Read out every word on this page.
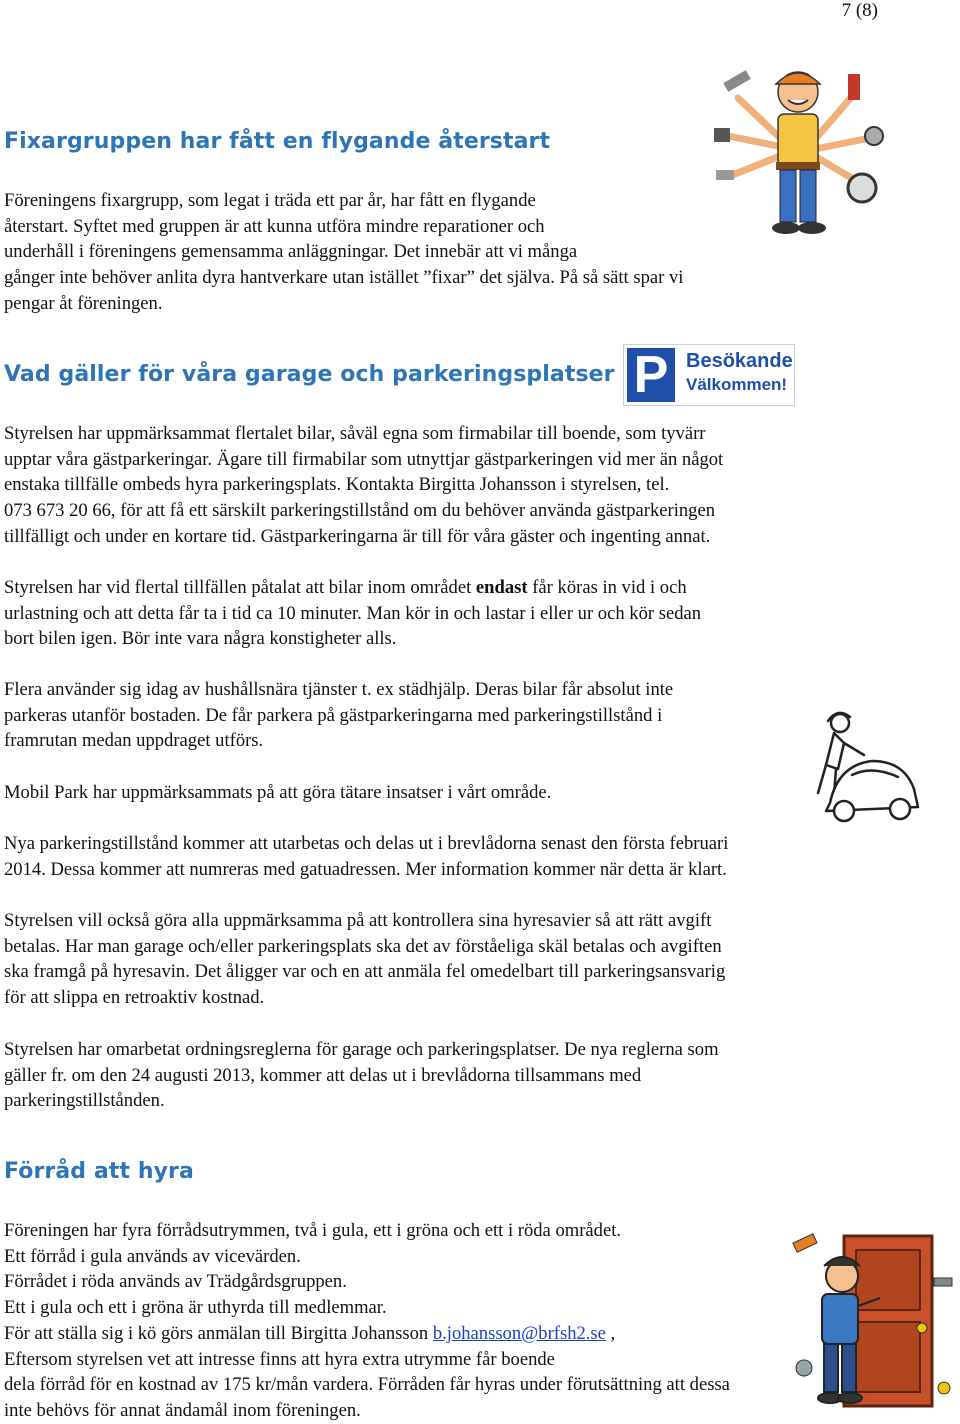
7 (8)
Fixargruppen har fått en flygande återstart
Föreningens fixargrupp, som legat i träda ett par år, har fått en flygande
återstart. Syftet med gruppen är att kunna utföra mindre reparationer och
underhåll i föreningens gemensamma anläggningar. Det innebär att vi många
gånger inte behöver anlita dyra hantverkare utan istället ”fixar” det själva. På så sätt spar vi
pengar åt föreningen.
Vad gäller för våra garage och parkeringsplatser P Besökande
Välkommen!
Styrelsen har uppmärksammat flertalet bilar, såväl egna som firmabilar till boende, som tyvärr
upptar våra gästparkeringar. Ägare till firmabilar som utnyttjar gästparkeringen vid mer än något
enstaka tillfälle ombeds hyra parkeringsplats. Kontakta Birgitta Johansson i styrelsen, tel.
073 673 20 66, för att få ett särskilt parkeringstillstånd om du behöver använda gästparkeringen
tillfälligt och under en kortare tid. Gästparkeringarna är till för våra gäster och ingenting annat.
Styrelsen har vid flertal tillfällen påtalat att bilar inom området endast får köras in vid i och
urlastning och att detta får ta i tid ca 10 minuter. Man kör in och lastar i eller ur och kör sedan
bort bilen igen. Bör inte vara några konstigheter alls.
Flera använder sig idag av hushållsnära tjänster t. ex städhjälp. Deras bilar får absolut inte
parkeras utanför bostaden. De får parkera på gästparkeringarna med parkeringstillstånd i
framrutan medan uppdraget utförs.
Mobil Park har uppmärksammats på att göra tätare insatser i vårt område.
Nya parkeringstillstånd kommer att utarbetas och delas ut i brevlådorna senast den första februari
2014. Dessa kommer att numreras med gatuadressen. Mer information kommer när detta är klart.
Styrelsen vill också göra alla uppmärksamma på att kontrollera sina hyresavier så att rätt avgift
betalas. Har man garage och/eller parkeringsplats ska det av förståeliga skäl betalas och avgiften
ska framgå på hyresavin. Det åligger var och en att anmäla fel omedelbart till parkeringsansvarig
för att slippa en retroaktiv kostnad.
Styrelsen har omarbetat ordningsreglerna för garage och parkeringsplatser. De nya reglerna som
gäller fr. om den 24 augusti 2013, kommer att delas ut i brevlådorna tillsammans med
parkeringstillstånden.
Förråd att hyra
Föreningen har fyra förrådsutrymmen, två i gula, ett i gröna och ett i röda området.
Ett förråd i gula används av vicevärden.
Förrådet i röda används av Trädgårdsgruppen.
Ett i gula och ett i gröna är uthyrda till medlemmar.
För att ställa sig i kö görs anmälan till Birgitta Johansson b.johansson@brfsh2.se ,
Eftersom styrelsen vet att intresse finns att hyra extra utrymme får boende
dela förråd för en kostnad av 175 kr/mån vardera. Förråden får hyras under förutsättning att dessa
inte behövs för annat ändamål inom föreningen.
